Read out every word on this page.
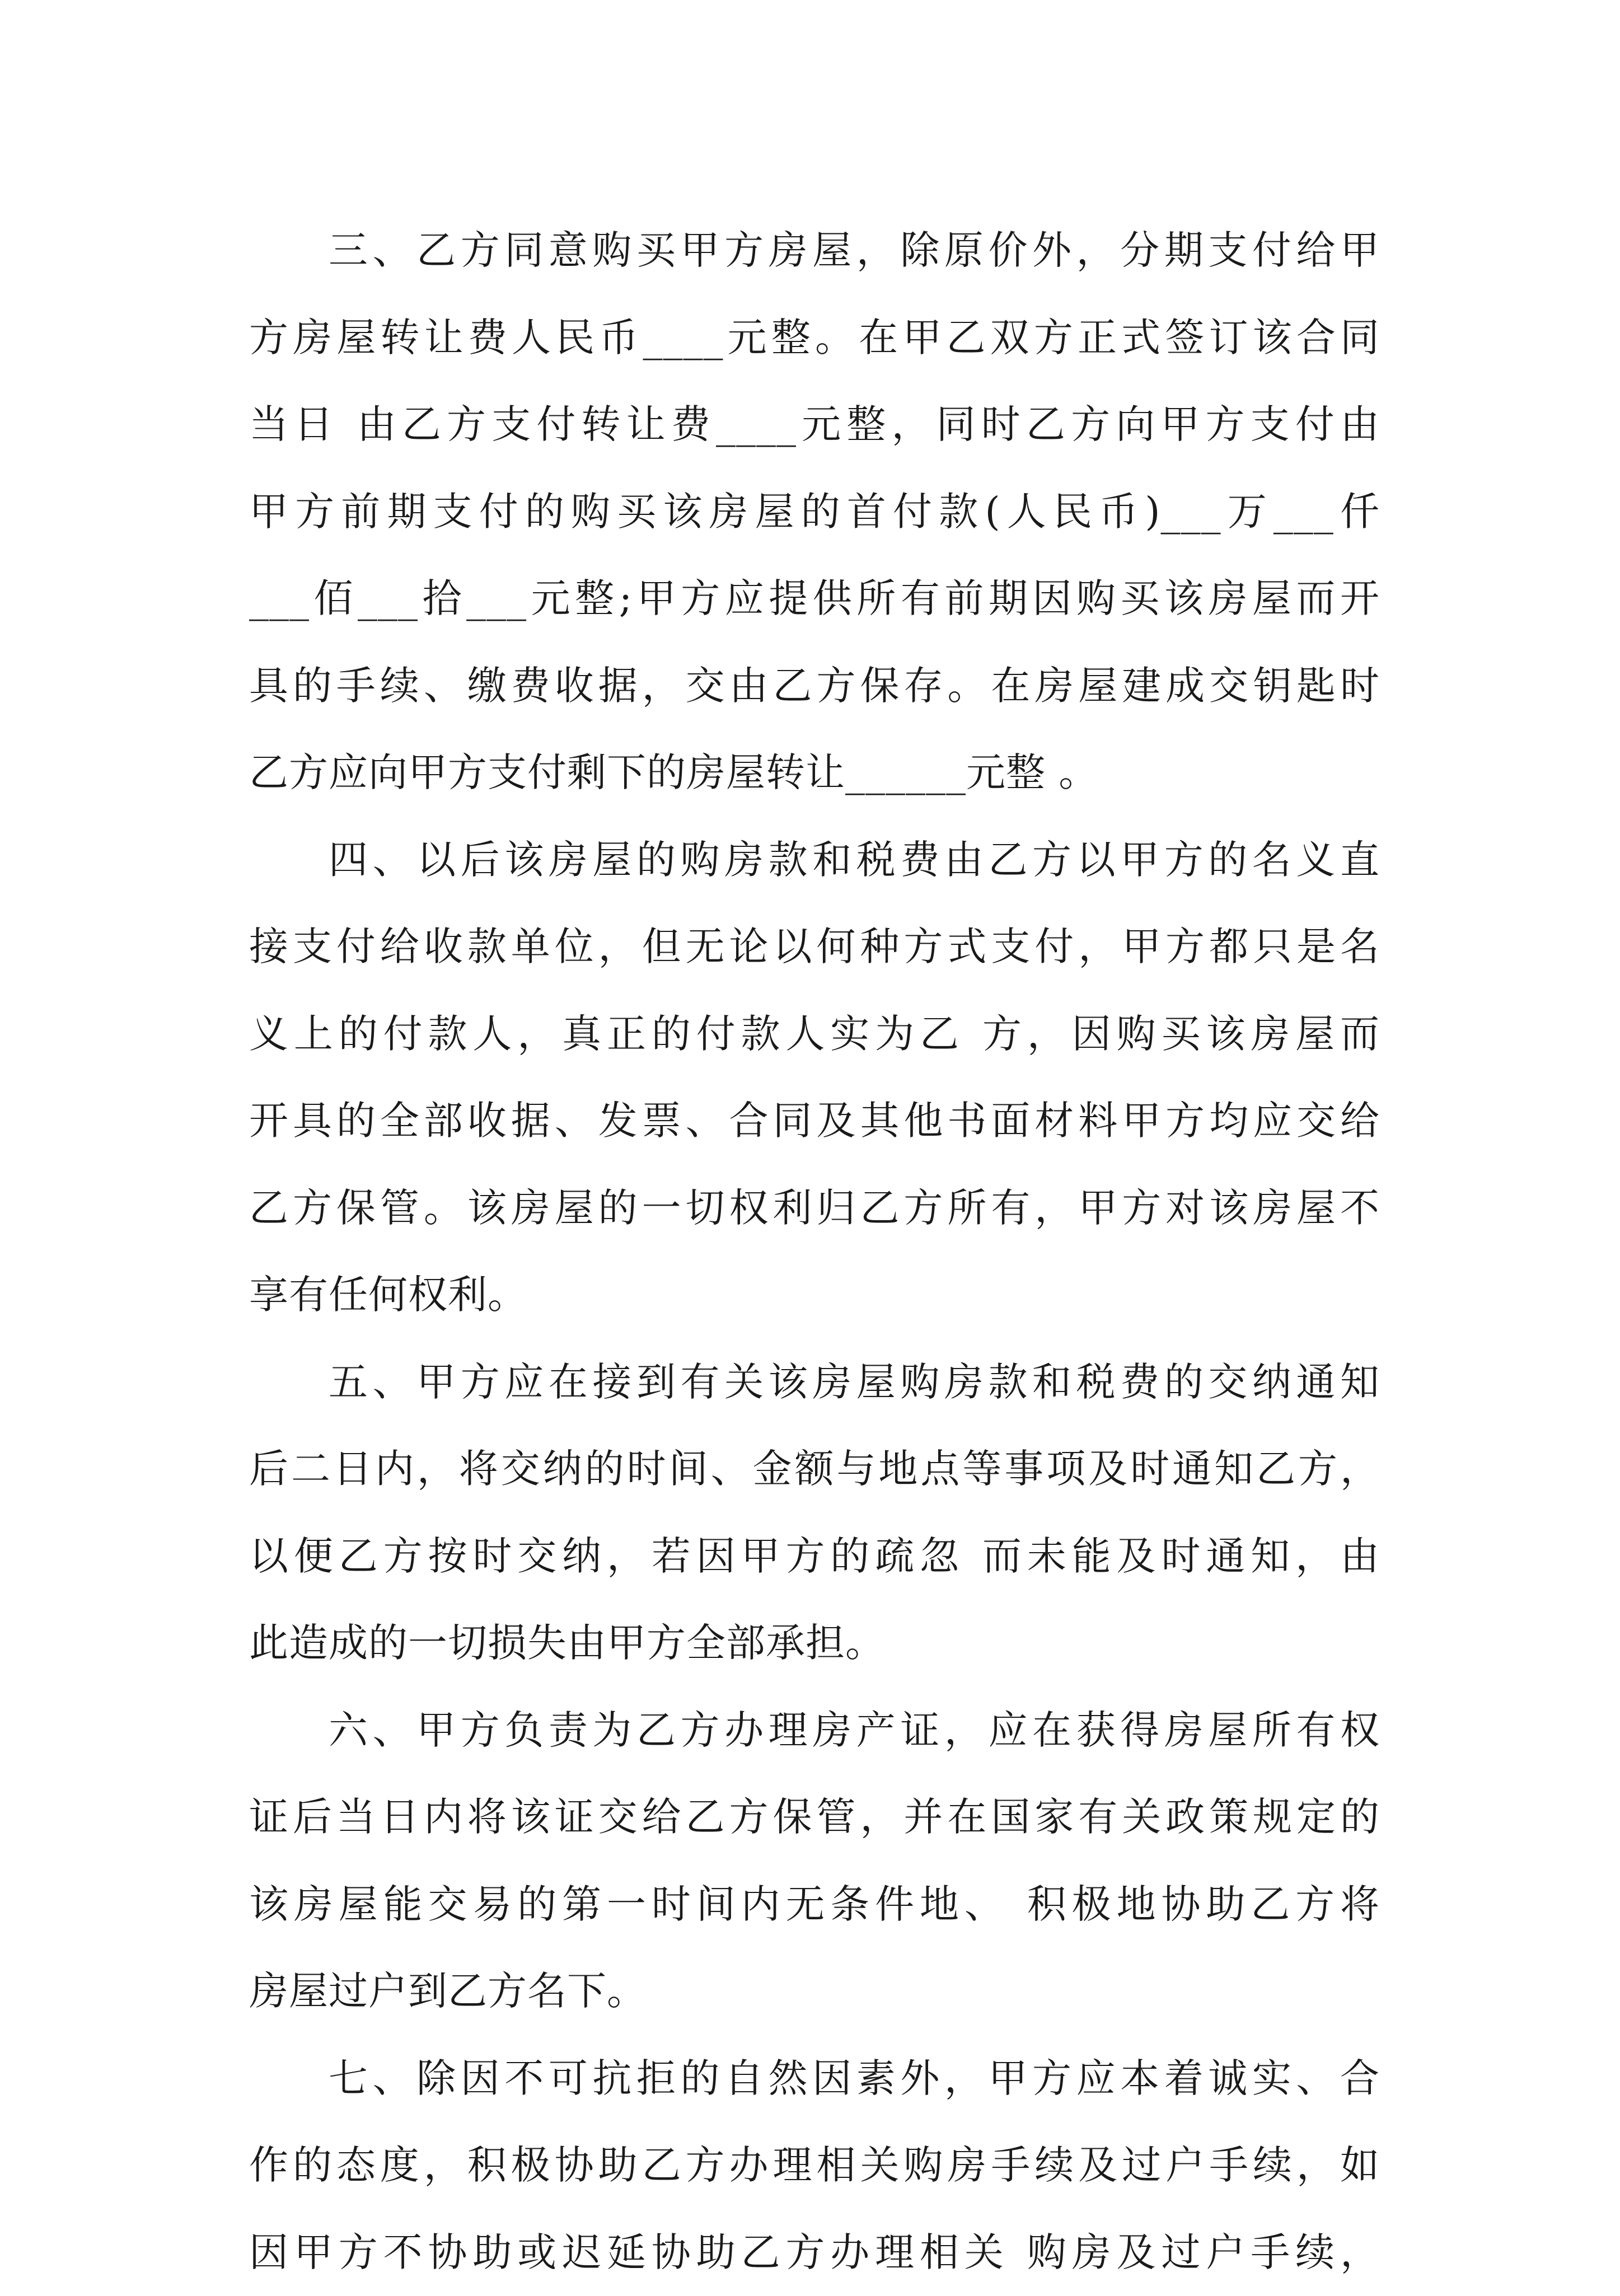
三、乙方同意购买甲方房屋，除原价外，分期支付给甲
方房屋转让费人民币____元整。在甲乙双方正式签订该合同
当日 由乙方支付转让费____元整，同时乙方向甲方支付由
甲方前期支付的购买该房屋的首付款(人民币)___万___仟
___佰___拾___元整;甲方应提供所有前期因购买该房屋而开
具的手续、缴费收据，交由乙方保存。在房屋建成交钥匙时
乙方应向甲方支付剩下的房屋转让______元整 。
四、以后该房屋的购房款和税费由乙方以甲方的名义直
接支付给收款单位，但无论以何种方式支付，甲方都只是名
义上的付款人，真正的付款人实为乙 方，因购买该房屋而
开具的全部收据、发票、合同及其他书面材料甲方均应交给
乙方保管。该房屋的一切权利归乙方所有，甲方对该房屋不
享有任何权利。
五、甲方应在接到有关该房屋购房款和税费的交纳通知
后二日内，将交纳的时间、金额与地点等事项及时通知乙方，
以便乙方按时交纳，若因甲方的疏忽 而未能及时通知，由
此造成的一切损失由甲方全部承担。
六、甲方负责为乙方办理房产证，应在获得房屋所有权
证后当日内将该证交给乙方保管，并在国家有关政策规定的
该房屋能交易的第一时间内无条件地、 积极地协助乙方将
房屋过户到乙方名下。
七、除因不可抗拒的自然因素外，甲方应本着诚实、合
作的态度，积极协助乙方办理相关购房手续及过户手续，如
因甲方不协助或迟延协助乙方办理相关 购房及过户手续，
